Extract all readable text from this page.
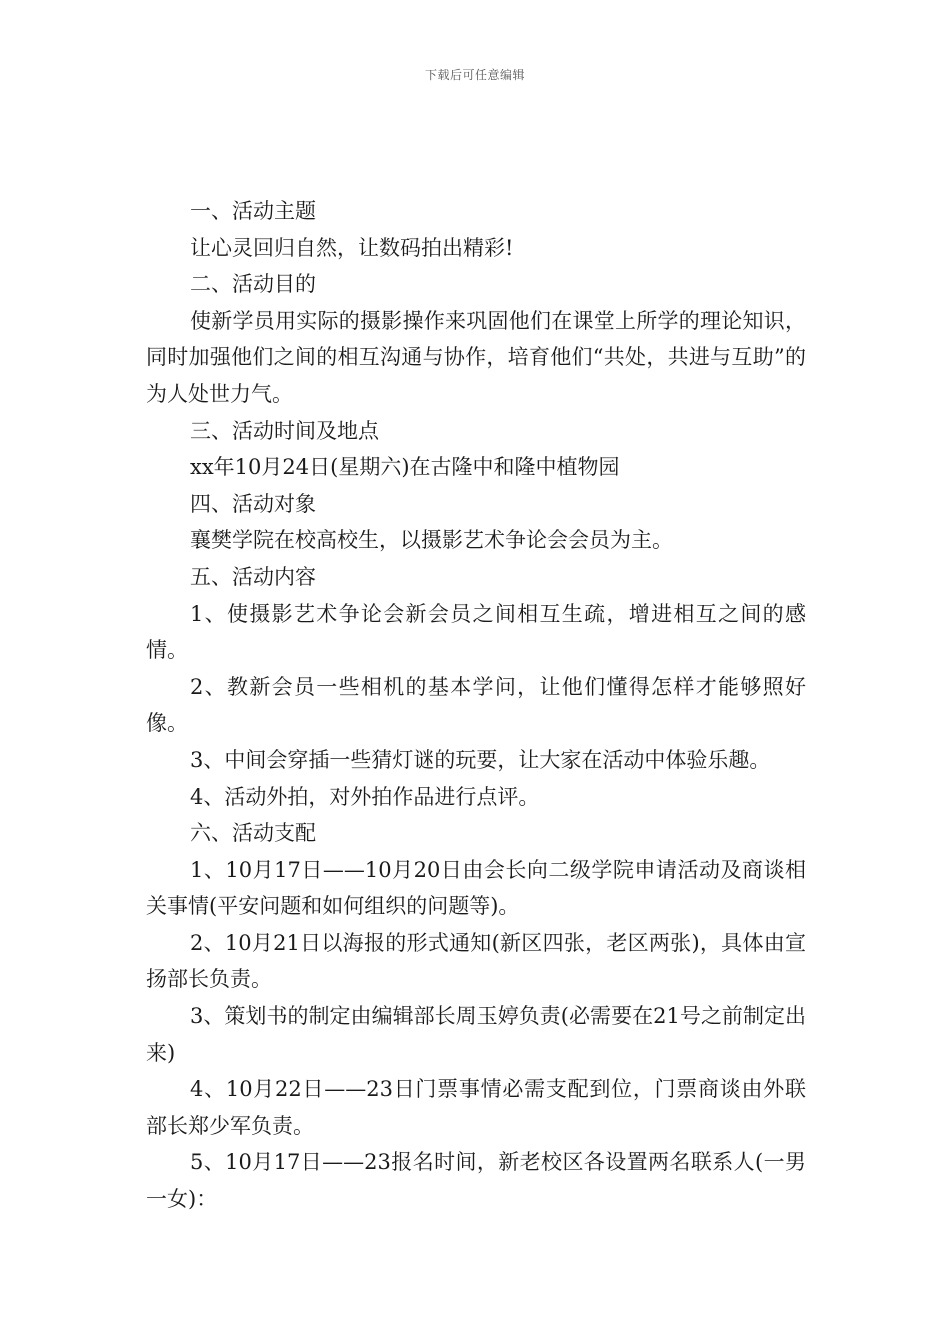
下载后可任意编辑

一、活动主题

让心灵回归自然，让数码拍出精彩!

二、活动目的

使新学员用实际的摄影操作来巩固他们在课堂上所学的理论知识，同时加强他们之间的相互沟通与协作，培育他们“共处，共进与互助”的为人处世力气。

三、活动时间及地点

xx年10月24日(星期六)在古隆中和隆中植物园

四、活动对象

襄樊学院在校高校生，以摄影艺术争论会会员为主。

五、活动内容

1、使摄影艺术争论会新会员之间相互生疏，增进相互之间的感情。

2、教新会员一些相机的基本学问，让他们懂得怎样才能够照好像。

3、中间会穿插一些猜灯谜的玩要，让大家在活动中体验乐趣。

4、活动外拍，对外拍作品进行点评。

六、活动支配

1、10月17日——10月20日由会长向二级学院申请活动及商谈相关事情(平安问题和如何组织的问题等)。

2、10月21日以海报的形式通知(新区四张，老区两张)，具体由宣扬部长负责。

3、策划书的制定由编辑部长周玉婷负责(必需要在21号之前制定出来)

4、10月22日——23日门票事情必需支配到位，门票商谈由外联部长郑少军负责。

5、10月17日——23报名时间，新老校区各设置两名联系人(一男一女)：
